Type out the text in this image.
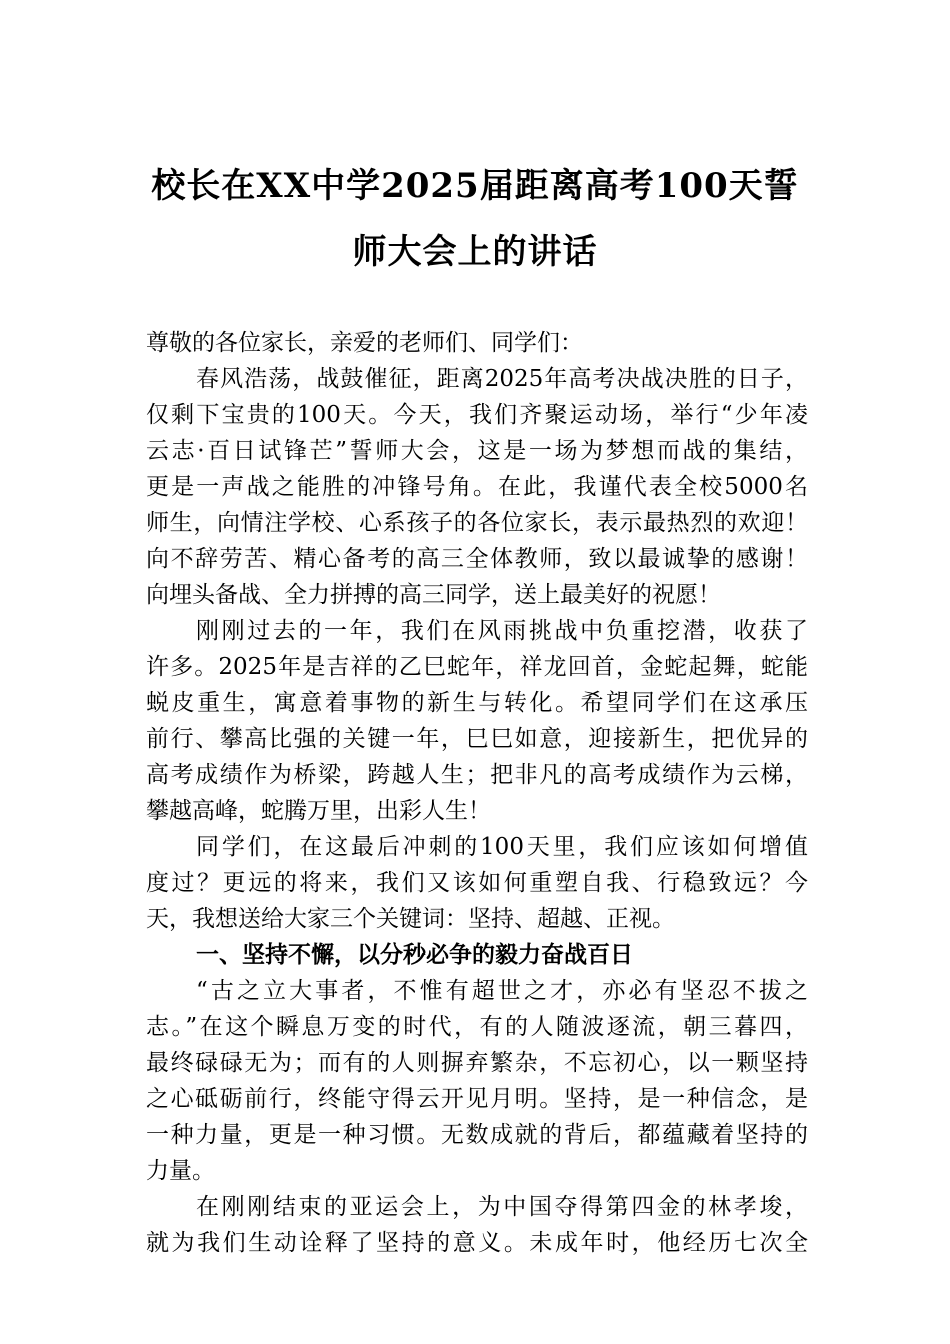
校长在XX中学2025届距离高考100天誓
师大会上的讲话
尊敬的各位家长，亲爱的老师们、同学们：
春风浩荡，战鼓催征，距离2025年高考决战决胜的日子，
仅剩下宝贵的100天。今天，我们齐聚运动场，举行“少年凌
云志·百日试锋芒”誓师大会，这是一场为梦想而战的集结，
更是一声战之能胜的冲锋号角。在此，我谨代表全校5000名
师生，向情注学校、心系孩子的各位家长，表示最热烈的欢迎！
向不辞劳苦、精心备考的高三全体教师，致以最诚挚的感谢！
向埋头备战、全力拼搏的高三同学，送上最美好的祝愿！
刚刚过去的一年，我们在风雨挑战中负重挖潜，收获了
许多。2025年是吉祥的乙巳蛇年，祥龙回首，金蛇起舞，蛇能
蜕皮重生，寓意着事物的新生与转化。希望同学们在这承压
前行、攀高比强的关键一年，巳巳如意，迎接新生，把优异的
高考成绩作为桥梁，跨越人生；把非凡的高考成绩作为云梯，
攀越高峰，蛇腾万里，出彩人生！
同学们，在这最后冲刺的100天里，我们应该如何增值
度过？更远的将来，我们又该如何重塑自我、行稳致远？今
天，我想送给大家三个关键词：坚持、超越、正视。
一、坚持不懈，以分秒必争的毅力奋战百日
“古之立大事者，不惟有超世之才，亦必有坚忍不拔之
志。”在这个瞬息万变的时代，有的人随波逐流，朝三暮四，
最终碌碌无为；而有的人则摒弃繁杂，不忘初心，以一颗坚持
之心砥砺前行，终能守得云开见月明。坚持，是一种信念，是
一种力量，更是一种习惯。无数成就的背后，都蕴藏着坚持的
力量。
在刚刚结束的亚运会上，为中国夺得第四金的林孝埈，
就为我们生动诠释了坚持的意义。未成年时，他经历七次全
